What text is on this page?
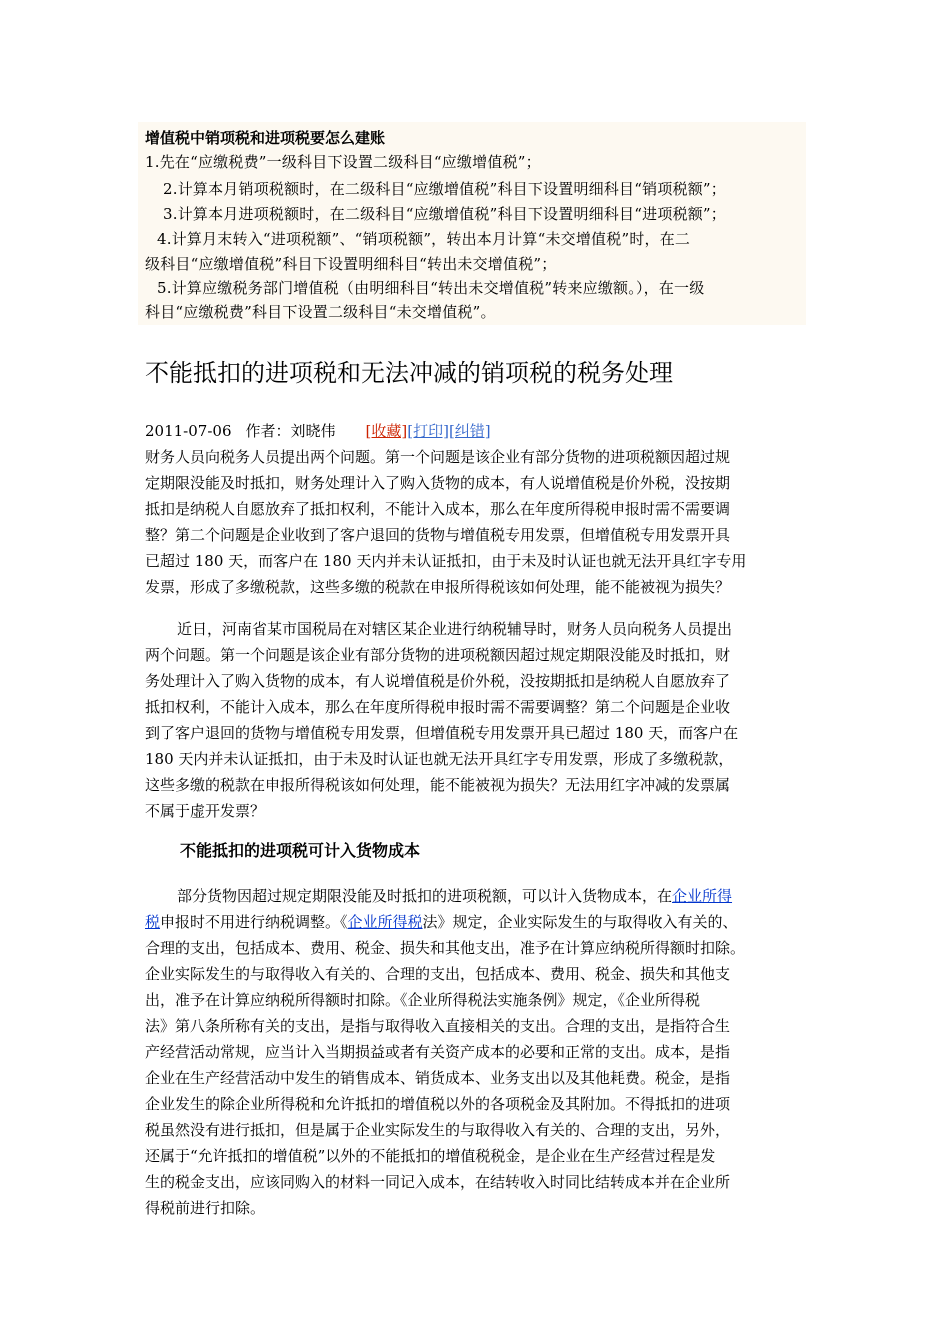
增值税中销项税和进项税要怎么建账
1.先在“应缴税费”一级科目下设置二级科目“应缴增值税”；
2.计算本月销项税额时，在二级科目“应缴增值税”科目下设置明细科目“销项税额”；
3.计算本月进项税额时，在二级科目“应缴增值税”科目下设置明细科目“进项税额”；
4.计算月末转入“进项税额”、“销项税额”，转出本月计算“未交增值税”时，在二
级科目“应缴增值税”科目下设置明细科目“转出未交增值税”；
5.计算应缴税务部门增值税（由明细科目“转出未交增值税”转来应缴额。），在一级
科目“应缴税费”科目下设置二级科目“未交增值税”。
不能抵扣的进项税和无法冲减的销项税的税务处理
2011-07-06 作者：刘晓伟 [收藏][打印][纠错]
财务人员向税务人员提出两个问题。第一个问题是该企业有部分货物的进项税额因超过规
定期限没能及时抵扣，财务处理计入了购入货物的成本，有人说增值税是价外税，没按期
抵扣是纳税人自愿放弃了抵扣权利，不能计入成本，那么在年度所得税申报时需不需要调
整？第二个问题是企业收到了客户退回的货物与增值税专用发票，但增值税专用发票开具
已超过 180 天，而客户在 180 天内并未认证抵扣，由于未及时认证也就无法开具红字专用
发票，形成了多缴税款，这些多缴的税款在申报所得税该如何处理，能不能被视为损失？
近日，河南省某市国税局在对辖区某企业进行纳税辅导时，财务人员向税务人员提出
两个问题。第一个问题是该企业有部分货物的进项税额因超过规定期限没能及时抵扣，财
务处理计入了购入货物的成本，有人说增值税是价外税，没按期抵扣是纳税人自愿放弃了
抵扣权利，不能计入成本，那么在年度所得税申报时需不需要调整？第二个问题是企业收
到了客户退回的货物与增值税专用发票，但增值税专用发票开具已超过 180 天，而客户在
180 天内并未认证抵扣，由于未及时认证也就无法开具红字专用发票，形成了多缴税款，
这些多缴的税款在申报所得税该如何处理，能不能被视为损失？无法用红字冲减的发票属
不属于虚开发票？
不能抵扣的进项税可计入货物成本
部分货物因超过规定期限没能及时抵扣的进项税额，可以计入货物成本，在企业所得
税申报时不用进行纳税调整。《企业所得税法》规定，企业实际发生的与取得收入有关的、
合理的支出，包括成本、费用、税金、损失和其他支出，准予在计算应纳税所得额时扣除。
企业实际发生的与取得收入有关的、合理的支出，包括成本、费用、税金、损失和其他支
出，准予在计算应纳税所得额时扣除。《企业所得税法实施条例》规定，《企业所得税
法》第八条所称有关的支出，是指与取得收入直接相关的支出。合理的支出，是指符合生
产经营活动常规，应当计入当期损益或者有关资产成本的必要和正常的支出。成本，是指
企业在生产经营活动中发生的销售成本、销货成本、业务支出以及其他耗费。税金，是指
企业发生的除企业所得税和允许抵扣的增值税以外的各项税金及其附加。不得抵扣的进项
税虽然没有进行抵扣，但是属于企业实际发生的与取得收入有关的、合理的支出，另外，
还属于“允许抵扣的增值税”以外的不能抵扣的增值税税金，是企业在生产经营过程是发
生的税金支出，应该同购入的材料一同记入成本，在结转收入时同比结转成本并在企业所
得税前进行扣除。
